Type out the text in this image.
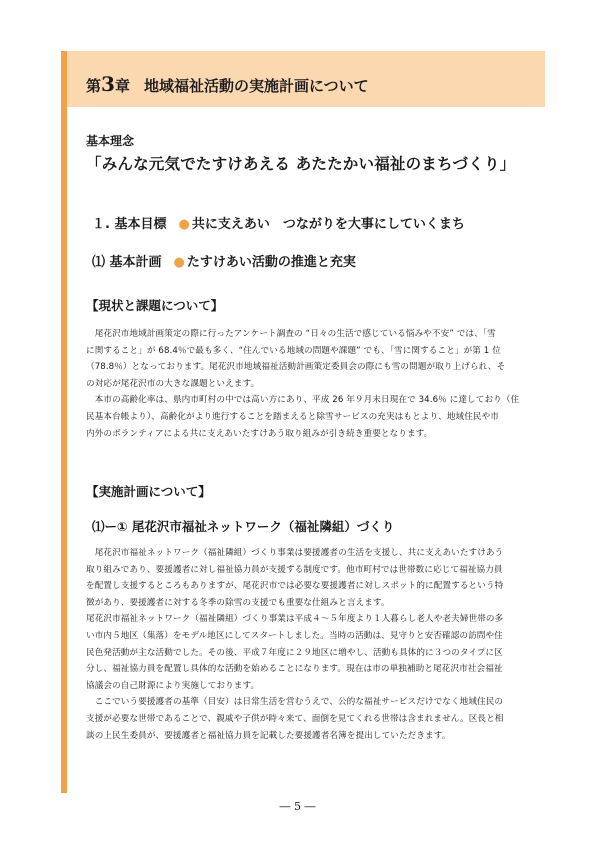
第3章 地域福祉活動の実施計画について
基本理念
「みんな元気でたすけあえる あたたかい福祉のまちづくり」
１. 基本目標 ● 共に支えあい　つながりを大事にしていくまち
⑴ 基本計画 ● たすけあい活動の推進と充実
【現状と課題について】
　尾花沢市地域計画策定の際に行ったアンケート調査の “日々の生活で感じている悩みや不安” では、「雪
に関すること」が 68.4％で最も多く、“住んでいる地域の問題や課題” でも、「雪に関すること」が第 1 位
（78.8％）となっております。尾花沢市地域福祉活動計画策定委員会の際にも雪の問題が取り上げられ、そ
の対応が尾花沢市の大きな課題といえます。
　本市の高齢化率は、県内市町村の中では高い方にあり、平成 26 年９月末日現在で 34.6％ に達しており（住
民基本台帳より）、高齢化がより進行することを踏まえると除雪サービスの充実はもとより、地域住民や市
内外のボランティアによる共に支えあいたすけあう取り組みが引き続き重要となります。
【実施計画について】
⑴ー① 尾花沢市福祉ネットワーク（福祉隣組）づくり
　尾花沢市福祉ネットワーク（福祉隣組）づくり事業は要援護者の生活を支援し、共に支えあいたすけあう
取り組みであり、要援護者に対し福祉協力員が支援する制度です。他市町村では世帯数に応じて福祉協力員
を配置し支援するところもありますが、尾花沢市では必要な要援護者に対しスポット的に配置するという特
徴があり、要援護者に対する冬季の除雪の支援でも重要な仕組みと言えます。
尾花沢市福祉ネットワーク（福祉隣組）づくり事業は平成４～５年度より１人暮らし老人や老夫婦世帯の多
い市内５地区（集落）をモデル地区にしてスタートしました。当時の活動は、見守りと安否確認の訪問や住
民色発活動が主な活動でした。その後、平成７年度に２９地区に増やし、活動も具体的に３つのタイプに区
分し、福祉協力員を配置し具体的な活動を始めることになります。現在は市の単独補助と尾花沢市社会福祉
協議会の自己財源により実施しております。
　ここでいう要援護者の基準（目安）は日常生活を営むうえで、公的な福祉サービスだけでなく地域住民の
支援が必要な世帯であることで、親戚や子供が時々来て、面倒を見てくれる世帯は含まれません。区長と相
談の上民生委員が、要援護者と福祉協力員を記載した要援護者名簿を提出していただきます。
― 5 ―
